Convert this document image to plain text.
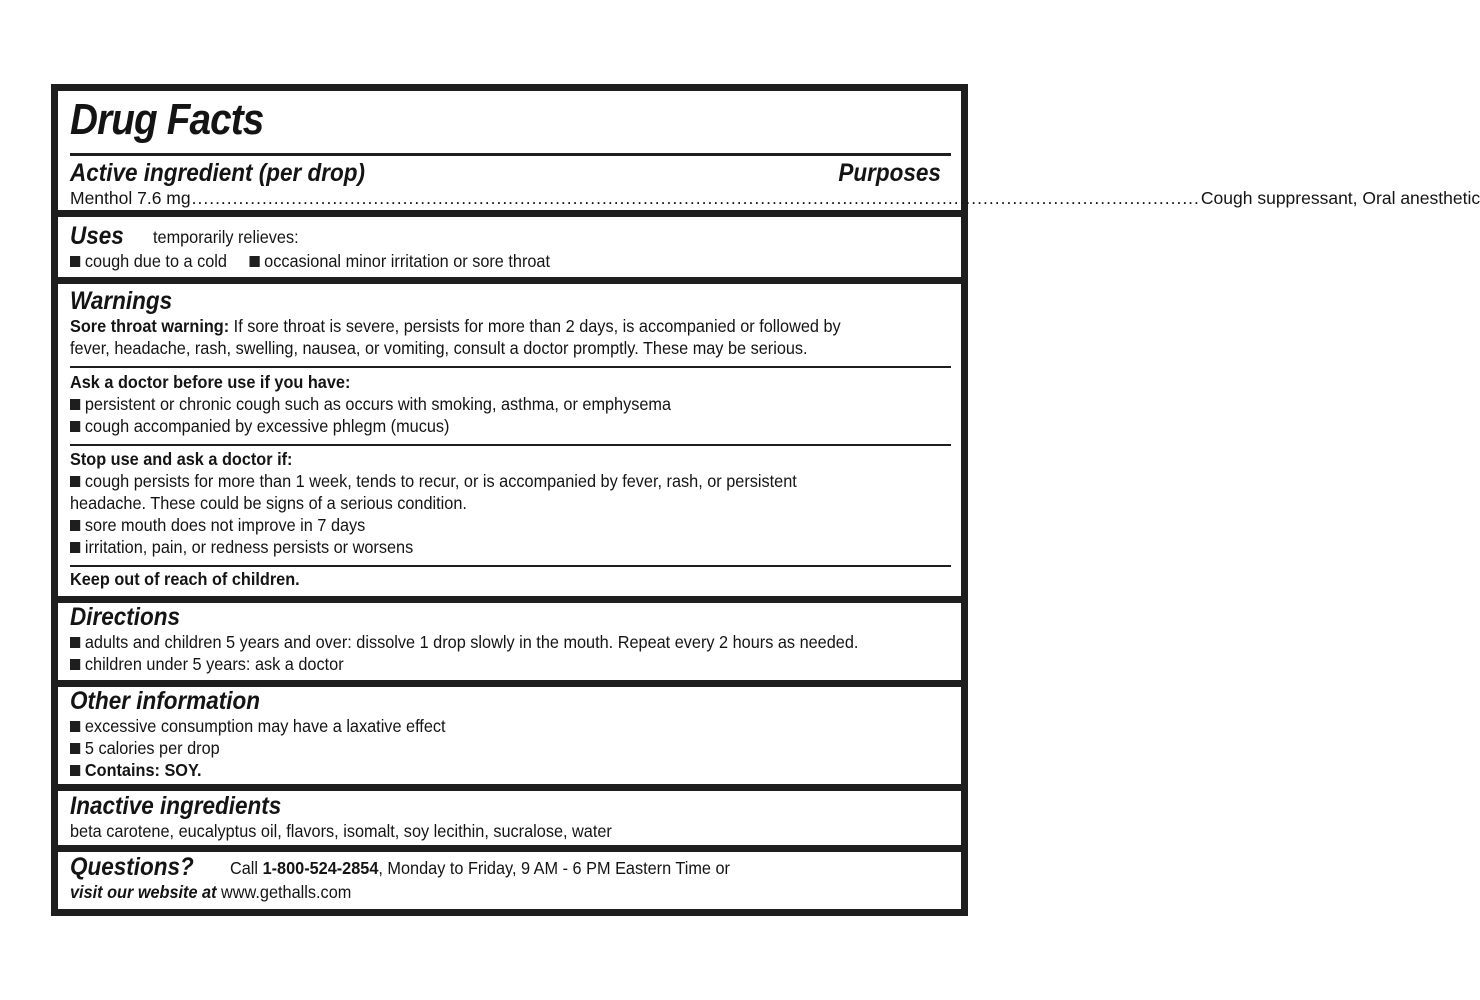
Drug Facts
Active ingredient (per drop)	Purposes
Menthol 7.6 mg ............................................................................................................................................................................ Cough suppressant, Oral anesthetic
Uses temporarily relieves:
cough due to a cold occasional minor irritation or sore throat
Warnings
Sore throat warning: If sore throat is severe, persists for more than 2 days, is accompanied or followed by
fever, headache, rash, swelling, nausea, or vomiting, consult a doctor promptly. These may be serious.
Ask a doctor before use if you have:
persistent or chronic cough such as occurs with smoking, asthma, or emphysema
cough accompanied by excessive phlegm (mucus)
Stop use and ask a doctor if:
cough persists for more than 1 week, tends to recur, or is accompanied by fever, rash, or persistent
headache. These could be signs of a serious condition.
sore mouth does not improve in 7 days
irritation, pain, or redness persists or worsens
Keep out of reach of children.
Directions
adults and children 5 years and over: dissolve 1 drop slowly in the mouth. Repeat every 2 hours as needed.
children under 5 years: ask a doctor
Other information
excessive consumption may have a laxative effect
5 calories per drop
Contains: SOY.
Inactive ingredients
beta carotene, eucalyptus oil, flavors, isomalt, soy lecithin, sucralose, water
Questions? Call 1-800-524-2854, Monday to Friday, 9 AM - 6 PM Eastern Time or
visit our website at www.gethalls.com
